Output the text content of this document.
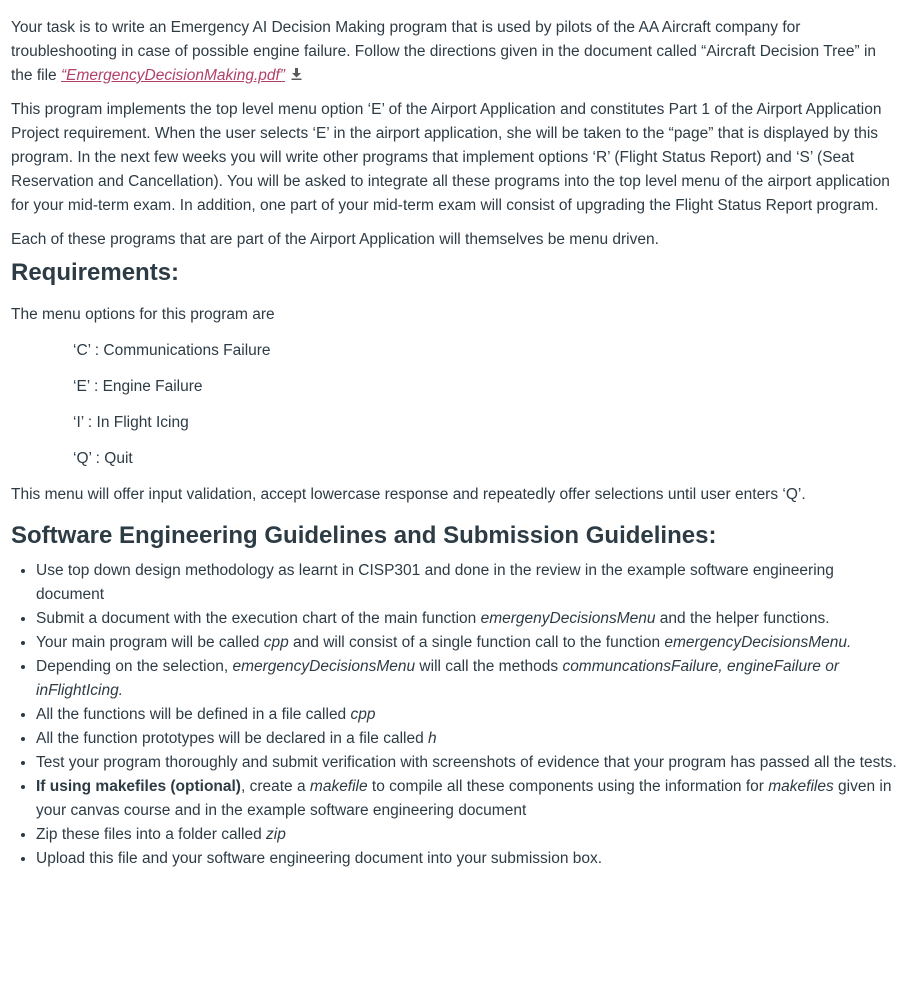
Your task is to write an Emergency AI Decision Making program that is used by pilots of the AA Aircraft company for troubleshooting in case of possible engine failure. Follow the directions given in the document called “Aircraft Decision Tree” in the file “EmergencyDecisionMaking.pdf”

This program implements the top level menu option ‘E’ of the Airport Application and constitutes Part 1 of the Airport Application Project requirement. When the user selects ‘E’ in the airport application, she will be taken to the “page” that is displayed by this program. In the next few weeks you will write other programs that implement options ‘R’ (Flight Status Report) and ‘S’ (Seat Reservation and Cancellation). You will be asked to integrate all these programs into the top level menu of the airport application for your mid-term exam. In addition, one part of your mid-term exam will consist of upgrading the Flight Status Report program.

Each of these programs that are part of the Airport Application will themselves be menu driven.

Requirements:

The menu options for this program are

‘C’ : Communications Failure

‘E’ : Engine Failure

‘I’ : In Flight Icing

‘Q’ : Quit

This menu will offer input validation, accept lowercase response and repeatedly offer selections until user enters ‘Q’.

Software Engineering Guidelines and Submission Guidelines:
• Use top down design methodology as learnt in CISP301 and done in the review in the example software engineering document
• Submit a document with the execution chart of the main function emergenyDecisionsMenu and the helper functions.
• Your main program will be called cpp and will consist of a single function call to the function emergencyDecisionsMenu.
• Depending on the selection, emergencyDecisionsMenu will call the methods communcationsFailure, engineFailure or inFlightIcing.
• All the functions will be defined in a file called cpp
• All the function prototypes will be declared in a file called h
• Test your program thoroughly and submit verification with screenshots of evidence that your program has passed all the tests.
• If using makefiles (optional), create a makefile to compile all these components using the information for makefiles given in your canvas course and in the example software engineering document
• Zip these files into a folder called zip
• Upload this file and your software engineering document into your submission box.
